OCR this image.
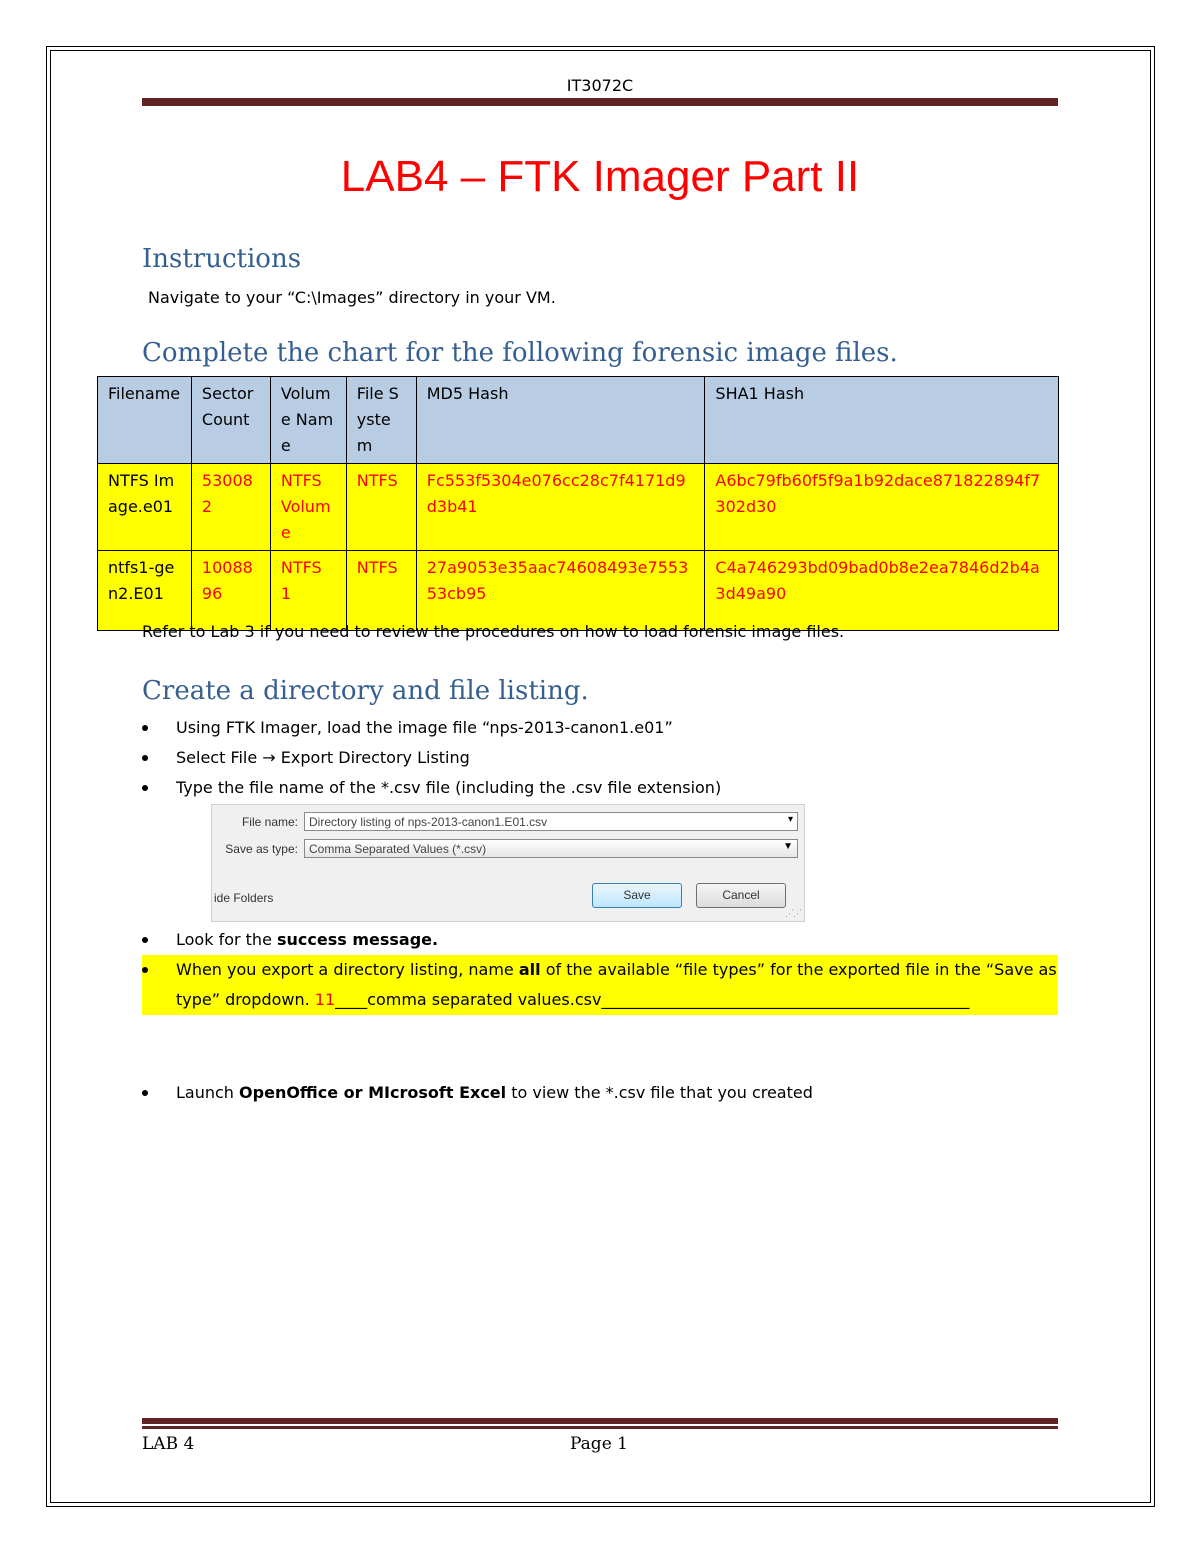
IT3072C
LAB4 – FTK Imager Part II
Instructions
Navigate to your “C:\Images” directory in your VM.
Complete the chart for the following forensic image files.
Filename	Sector Count	Volume Name	File System	MD5 Hash	SHA1 Hash
NTFS Image.e01	530082	NTFS Volume	NTFS	Fc553f5304e076cc28c7f4171d9d3b41	A6bc79fb60f5f9a1b92dace871822894f7302d30
ntfs1-gen2.E01	1008896	NTFS 1	NTFS	27a9053e35aac74608493e755353cb95	C4a746293bd09bad0b8e2ea7846d2b4a3d49a90
Refer to Lab 3 if you need to review the procedures on how to load forensic image files.
Create a directory and file listing.
Using FTK Imager, load the image file “nps-2013-canon1.e01”
Select File → Export Directory Listing
Type the file name of the *.csv file (including the .csv file extension)
File name: Directory listing of nps-2013-canon1.E01.csv	▾
Save as type: Comma Separated Values (*.csv)	▼
ide Folders	Save	Cancel
⋰⋰
Look for the success message.
When you export a directory listing, name all of the available “file types” for the exported file in the “Save as type” dropdown. 11____comma separated values.csv______________________________________________
Launch OpenOffice or MIcrosoft Excel to view the *.csv file that you created
LAB 4	Page 1
